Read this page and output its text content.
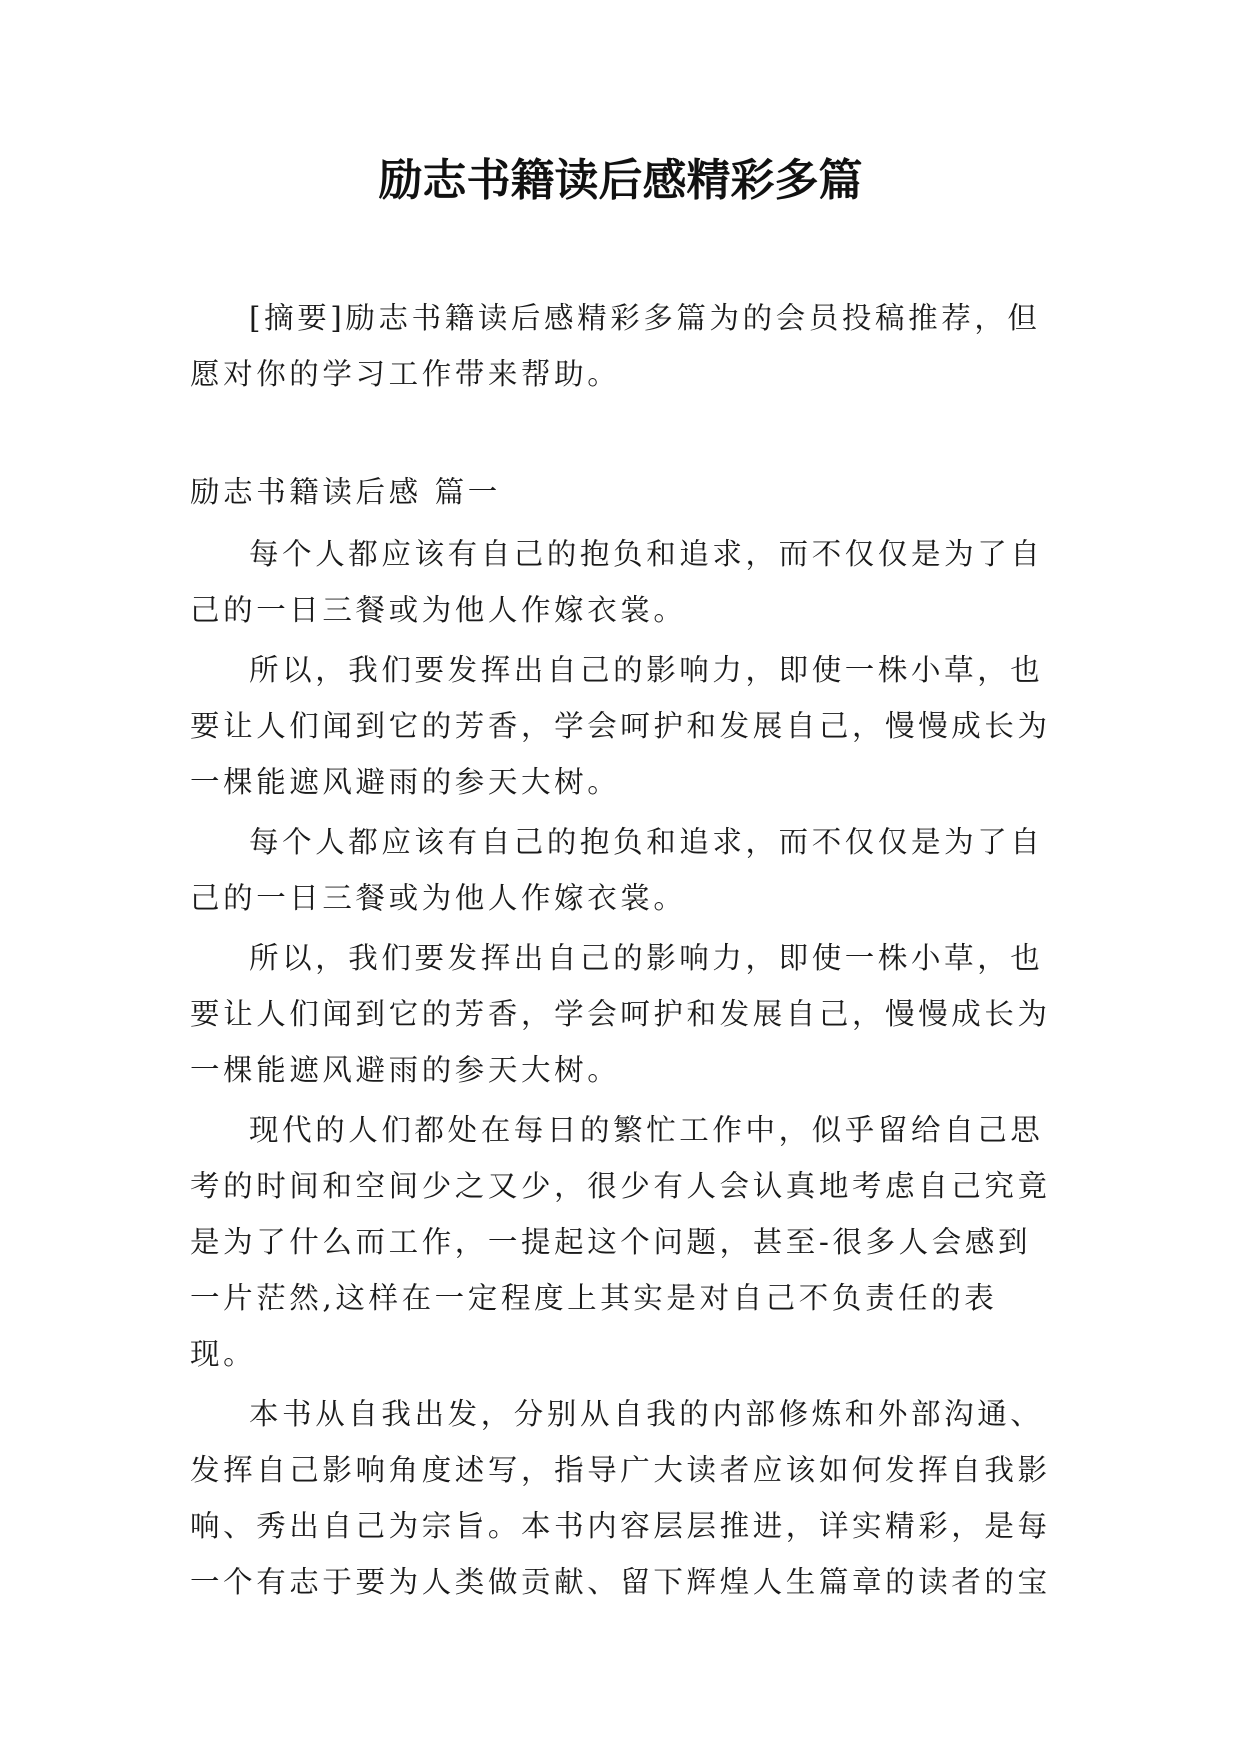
励志书籍读后感精彩多篇

[摘要]励志书籍读后感精彩多篇为的会员投稿推荐，但愿对你的学习工作带来帮助。

励志书籍读后感 篇一

每个人都应该有自己的抱负和追求，而不仅仅是为了自己的一日三餐或为他人作嫁衣裳。

所以，我们要发挥出自己的影响力，即使一株小草，也要让人们闻到它的芳香，学会呵护和发展自己，慢慢成长为一棵能遮风避雨的参天大树。

每个人都应该有自己的抱负和追求，而不仅仅是为了自己的一日三餐或为他人作嫁衣裳。

所以，我们要发挥出自己的影响力，即使一株小草，也要让人们闻到它的芳香，学会呵护和发展自己，慢慢成长为一棵能遮风避雨的参天大树。

现代的人们都处在每日的繁忙工作中，似乎留给自己思考的时间和空间少之又少，很少有人会认真地考虑自己究竟是为了什么而工作，一提起这个问题，甚至-很多人会感到一片茫然,这样在一定程度上其实是对自己不负责任的表现。

本书从自我出发，分别从自我的内部修炼和外部沟通、发挥自己影响角度述写，指导广大读者应该如何发挥自我影响、秀出自己为宗旨。本书内容层层推进，详实精彩，是每一个有志于要为人类做贡献、留下辉煌人生篇章的读者的宝
